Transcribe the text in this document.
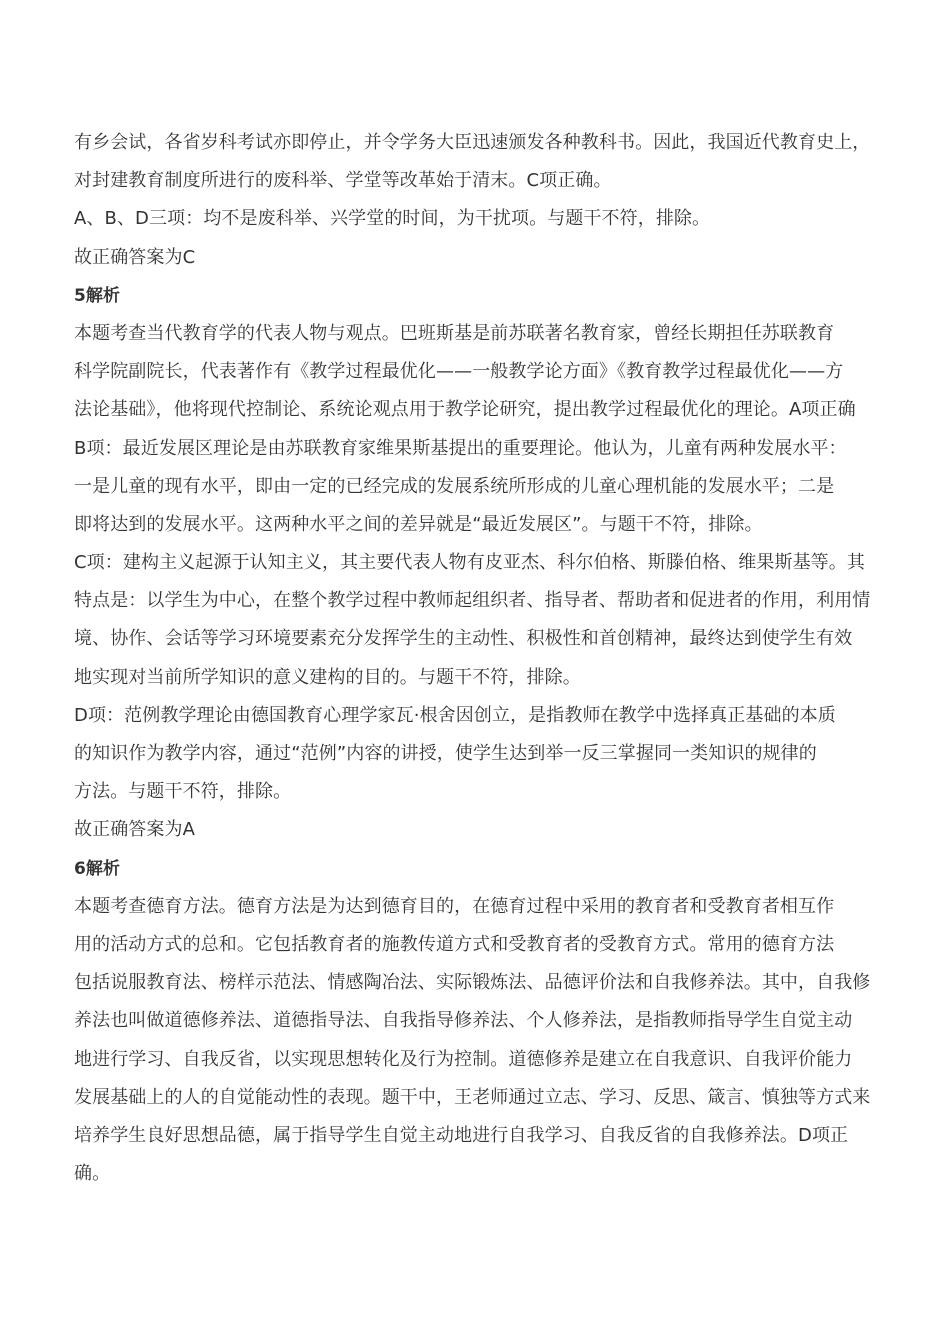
有乡会试，各省岁科考试亦即停止，并令学务大臣迅速颁发各种教科书。因此，我国近代教育史上，
对封建教育制度所进行的废科举、学堂等改革始于清末。C项正确。
A、B、D三项：均不是废科举、兴学堂的时间，为干扰项。与题干不符，排除。
故正确答案为C
5解析
本题考查当代教育学的代表人物与观点。巴班斯基是前苏联著名教育家，曾经长期担任苏联教育
科学院副院长，代表著作有《教学过程最优化——一般教学论方面》《教育教学过程最优化——方
法论基础》，他将现代控制论、系统论观点用于教学论研究，提出教学过程最优化的理论。A项正确
B项：最近发展区理论是由苏联教育家维果斯基提出的重要理论。他认为，儿童有两种发展水平：
一是儿童的现有水平，即由一定的已经完成的发展系统所形成的儿童心理机能的发展水平；二是
即将达到的发展水平。这两种水平之间的差异就是“最近发展区”。与题干不符，排除。
C项：建构主义起源于认知主义，其主要代表人物有皮亚杰、科尔伯格、斯滕伯格、维果斯基等。其
特点是：以学生为中心，在整个教学过程中教师起组织者、指导者、帮助者和促进者的作用，利用情
境、协作、会话等学习环境要素充分发挥学生的主动性、积极性和首创精神，最终达到使学生有效
地实现对当前所学知识的意义建构的目的。与题干不符，排除。
D项：范例教学理论由德国教育心理学家瓦·根舍因创立，是指教师在教学中选择真正基础的本质
的知识作为教学内容，通过“范例”内容的讲授，使学生达到举一反三掌握同一类知识的规律的
方法。与题干不符，排除。
故正确答案为A
6解析
本题考查德育方法。德育方法是为达到德育目的，在德育过程中采用的教育者和受教育者相互作
用的活动方式的总和。它包括教育者的施教传道方式和受教育者的受教育方式。常用的德育方法
包括说服教育法、榜样示范法、情感陶冶法、实际锻炼法、品德评价法和自我修养法。其中，自我修
养法也叫做道德修养法、道德指导法、自我指导修养法、个人修养法，是指教师指导学生自觉主动
地进行学习、自我反省，以实现思想转化及行为控制。道德修养是建立在自我意识、自我评价能力
发展基础上的人的自觉能动性的表现。题干中，王老师通过立志、学习、反思、箴言、慎独等方式来
培养学生良好思想品德，属于指导学生自觉主动地进行自我学习、自我反省的自我修养法。D项正
确。
